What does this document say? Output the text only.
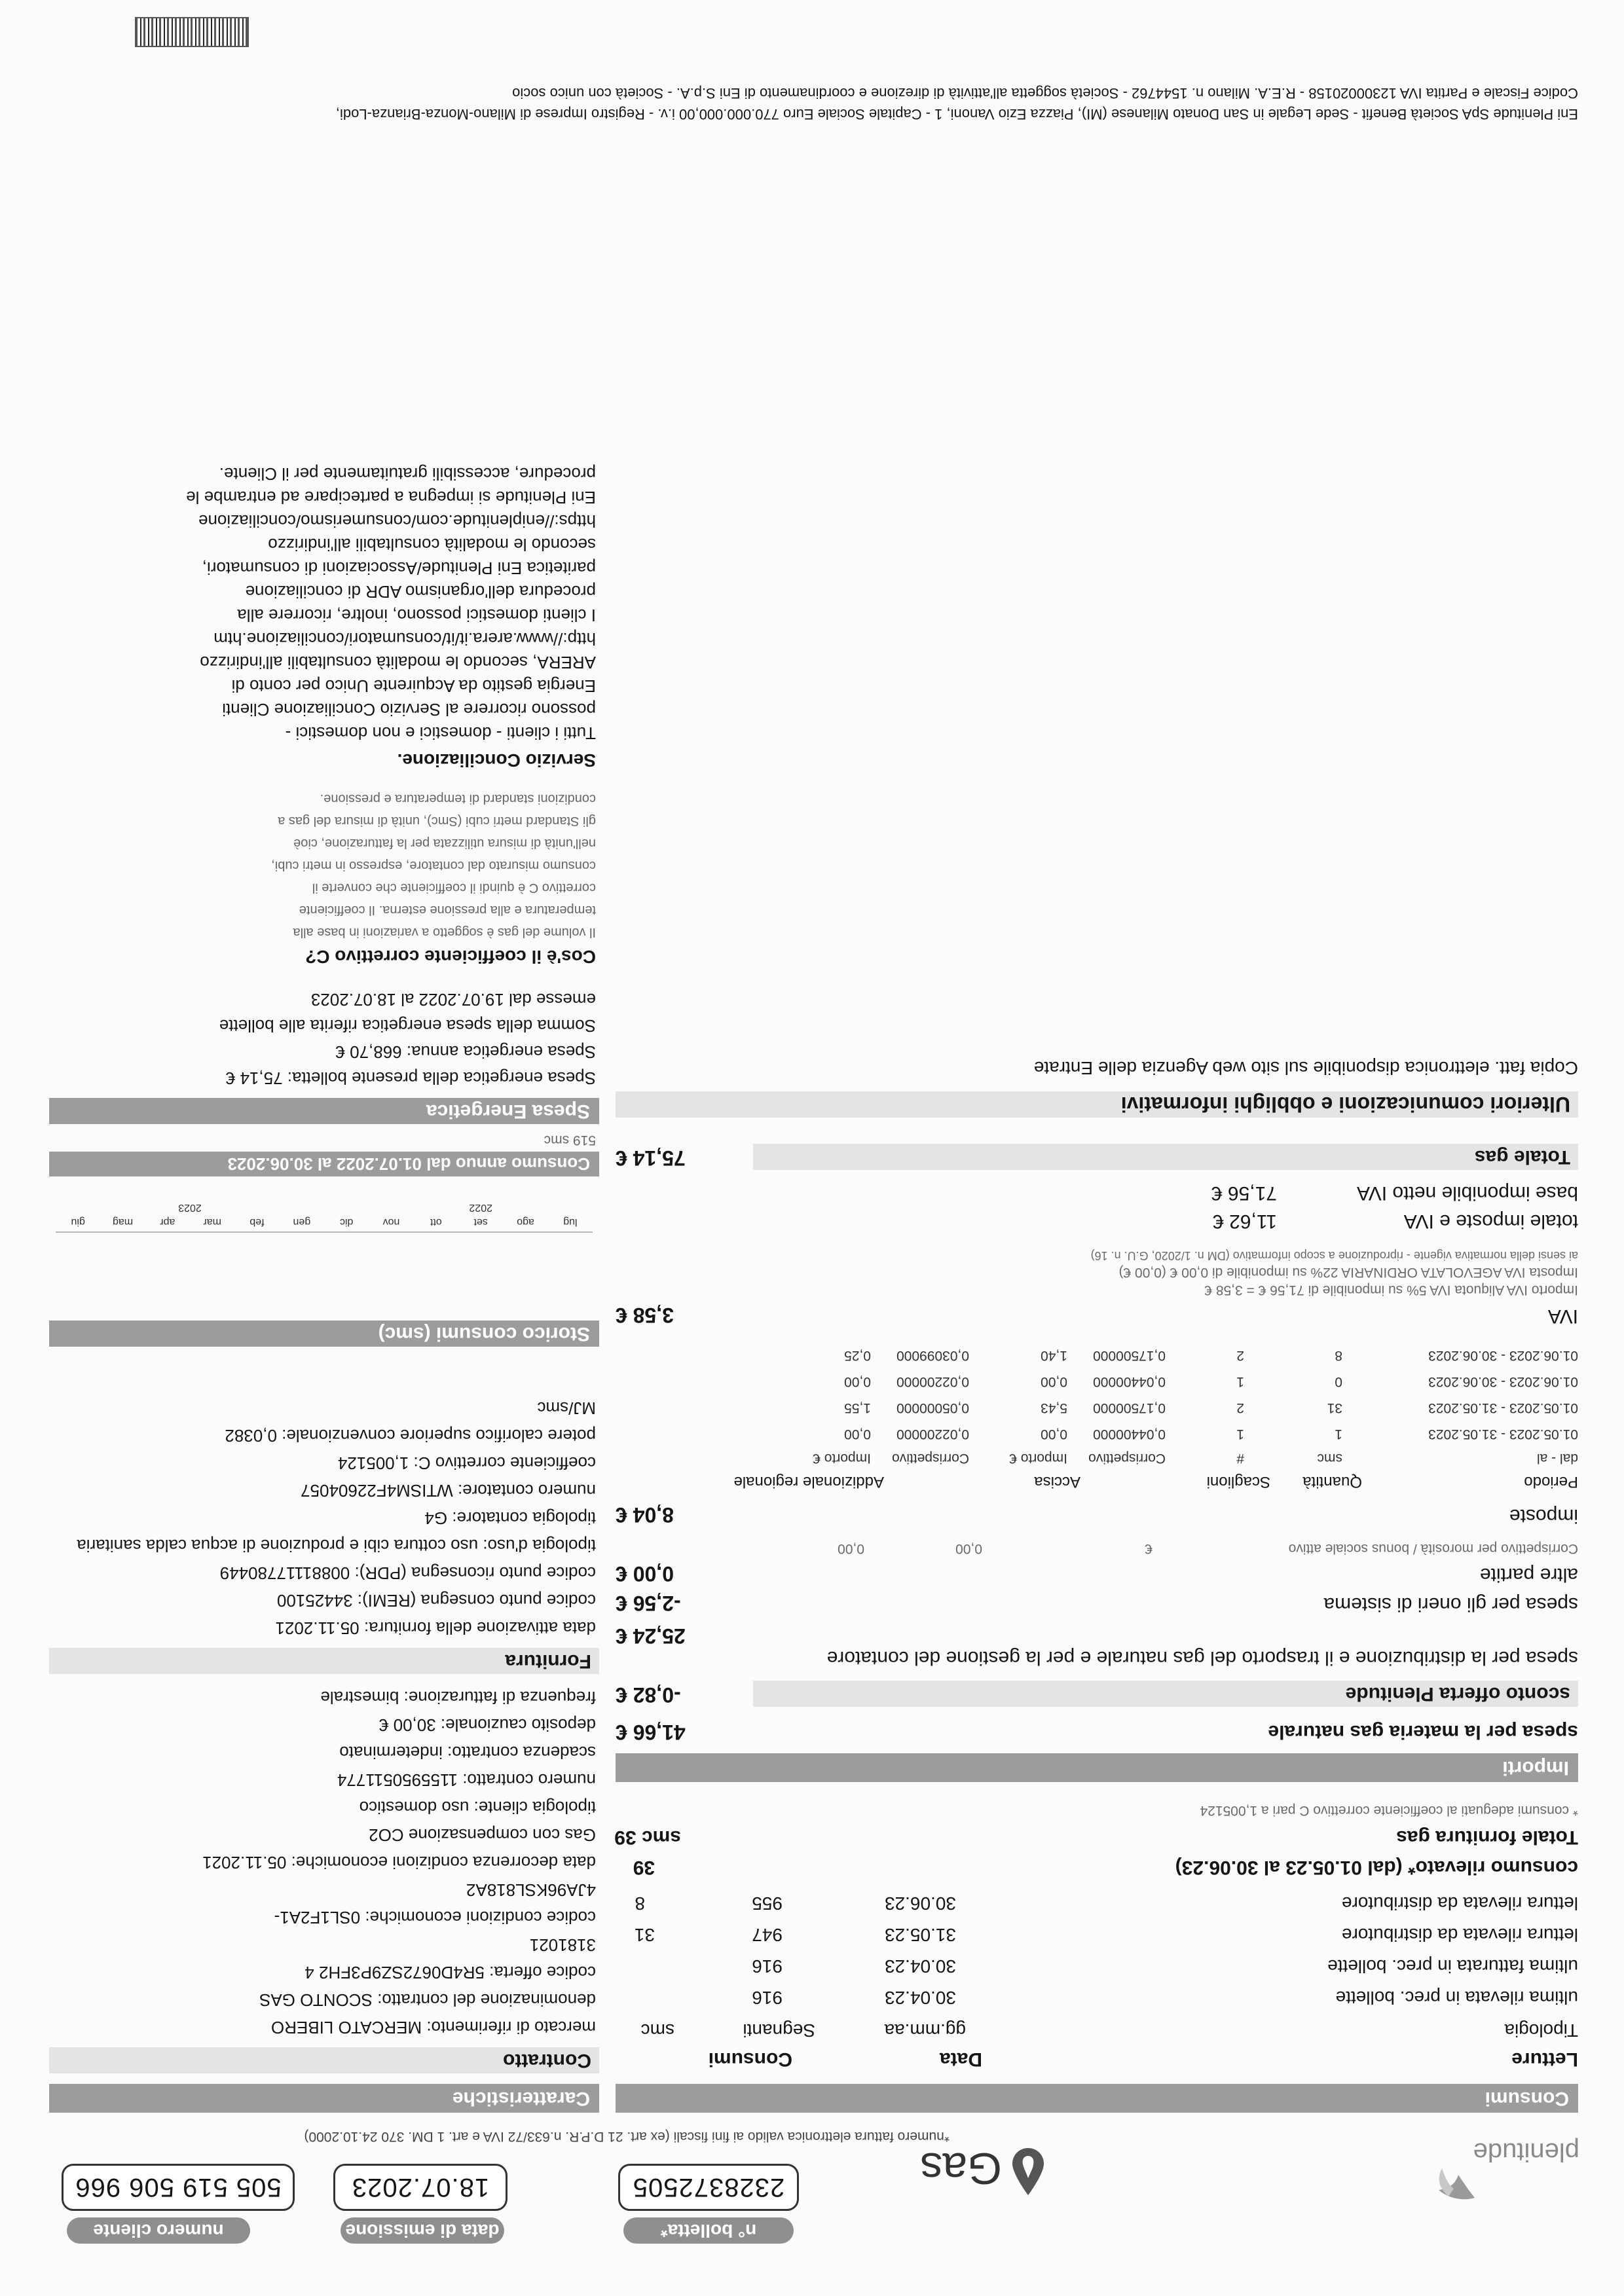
plenitude
Gas
n° bolletta*
2328372505
data di emissione
18.07.2023
numero cliente
505 519 506 966
*numero fattura elettronica valido ai fini fiscali (ex art. 21 D.P.R. n.633/72 IVA e art. 1 DM. 370 24.10.2000)
Consumi
Letture
Data
Consumi
Tipologia
gg.mm.aa
Segnanti
smc
ultima rilevata in prec. bollette
30.04.23
916
ultima fatturata in prec. bollette
30.04.23
916
lettura rilevata da distributore
31.05.23
947
31
lettura rilevata da distributore
30.06.23
955
8
consumo rilevato* (dal 01.05.23 al 30.06.23)
39
Totale fornitura gas
smc 39
* consumi adeguati al coefficiente correttivo C pari a 1,005124
Importi
spesa per la materia gas naturale
41,66 €
sconto offerta Plenitude
-0,82 €
spesa per la distribuzione e il trasporto del gas naturale e per la gestione del contatore
25,24 €
spesa per gli oneri di sistema
-2,56 €
altre partite
0,00 €
Corrispettivo per morosità / bonus sociale attivo
€
0,00
0,00
imposte
8,04 €
Periodo
Quantità
Scaglioni
Accisa
Addizionale regionale
dal - al
smc
#
Corrispettivo
Importo €
Corrispettivo
Importo €
01.05.2023 - 31.05.2023
1
1
0,04400000
0,00
0,02200000
0,00
01.05.2023 - 31.05.2023
31
2
0,17500000
5,43
0,05000000
1,55
01.06.2023 - 30.06.2023
0
1
0,04400000
0,00
0,02200000
0,00
01.06.2023 - 30.06.2023
8
2
0,17500000
1,40
0,03099000
0,25
IVA
3,58 €
Importo IVA Aliquota IVA 5% su imponibile di 71,56 € = 3,58 €
Imposta IVA AGEVOLATA ORDINARIA 22% su imponibile di 0,00 € (0,00 €)
ai sensi della normativa vigente - riproduzione a scopo informativo (DM n. 1/2020, G.U. n. 16)
totale imposte e IVA
11,62 €
base imponibile netto IVA
71,56 €
Totale gas
75,14 €
Ulteriori comunicazioni e obblighi informativi
Copia fatt. elettronica disponibile sul sito web Agenzia delle Entrate
Caratteristiche
Contratto
mercato di riferimento: MERCATO LIBERO
denominazione del contratto: SCONTO GAS
codice offerta: 5R4D0672SZ9P3FH2 4
3181021
codice condizioni economiche: 0SL1F2A1-
4JA96KSL818A2
data decorrenza condizioni economiche: 05.11.2021
Gas con compensazione CO2
tipologia cliente: uso domestico
numero contratto: 1155950511774
scadenza contratto: indeterminato
deposito cauzionale: 30,00 €
frequenza di fatturazione: bimestrale
Fornitura
data attivazione della fornitura: 05.11.2021
codice punto consegna (REMI): 34425100
codice punto riconsegna (PDR): 00881117780449
tipologia d'uso: uso cottura cibi e produzione di acqua calda sanitaria
tipologia contatore: G4
numero contatore: WTISM4F22604057
coefficiente correttivo C: 1,005124
potere calorifico superiore convenzionale: 0,0382
MJ/smc
Storico consumi (smc)
lug
ago
set
ott
nov
dic
gen
feb
mar
apr
mag
giu
2022
2023
Consumo annuo dal 01.07.2022 al 30.06.2023
519 smc
Spesa Energetica
Spesa energetica della presente bolletta: 75,14 €
Spesa energetica annua: 668,70 €
Somma della spesa energetica riferita alle bollette
emesse dal 19.07.2022 al 18.07.2023
Cos'è il coefficiente correttivo C?
Il volume del gas è soggetto a variazioni in base alla
temperatura e alla pressione esterna. Il coefficiente
correttivo C è quindi il coefficiente che converte il
consumo misurato dal contatore, espresso in metri cubi,
nell'unità di misura utilizzata per la fatturazione, cioè
gli Standard metri cubi (Smc), unità di misura del gas a
condizioni standard di temperatura e pressione.
Servizio Conciliazione.
Tutti i clienti - domestici e non domestici -
possono ricorrere al Servizio Conciliazione Clienti
Energia gestito da Acquirente Unico per conto di
ARERA, secondo le modalità consultabili all'indirizzo
http://www.arera.it/it/consumatori/conciliazione.htm
I clienti domestici possono, inoltre, ricorrere alla
procedura dell'organismo ADR di conciliazione
paritetica Eni Plenitude/Associazioni di consumatori,
secondo le modalità consultabili all'indirizzo
https://eniplenitude.com/consumerismo/conciliazione
Eni Plenitude si impegna a partecipare ad entrambe le
procedure, accessibili gratuitamente per il Cliente.
Eni Plenitude SpA Società Benefit - Sede Legale in San Donato Milanese (MI), Piazza Ezio Vanoni, 1 - Capitale Sociale Euro 770.000.000,00 i.v. - Registro Imprese di Milano-Monza-Brianza-Lodi,
Codice Fiscale e Partita IVA 12300020158 - R.E.A. Milano n. 1544762 - Società soggetta all'attività di direzione e coordinamento di Eni S.p.A. - Società con unico socio
